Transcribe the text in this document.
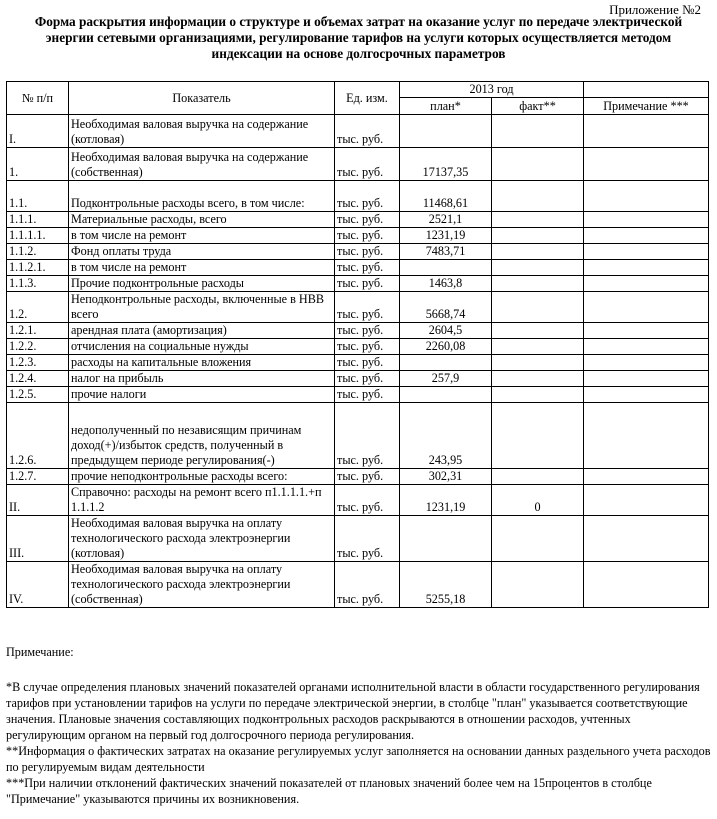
Приложение №2
Форма раскрытия информации о структуре и объемах затрат на оказание услуг по передаче электрической
энергии сетевыми организациями, регулирование тарифов на услуги которых осуществляется методом
индексации на основе долгосрочных параметров
№ п/п	Показатель	Ед. изм.	2013 год		
			план*	факт**	Примечание ***
I.	Необходимая валовая выручка на содержание (котловая)	тыс. руб.			
1.	Необходимая валовая выручка на содержание (собственная)	тыс. руб.	17137,35		
1.1.	Подконтрольные расходы всего, в том числе:	тыс. руб.	11468,61		
1.1.1.	Материальные расходы, всего	тыс. руб.	2521,1		
1.1.1.1.	в том числе на ремонт	тыс. руб.	1231,19		
1.1.2.	Фонд оплаты труда	тыс. руб.	7483,71		
1.1.2.1.	в том числе на ремонт	тыс. руб.			
1.1.3.	Прочие подконтрольные расходы	тыс. руб.	1463,8		
1.2.	Неподконтрольные расходы, включенные в НВВ всего	тыс. руб.	5668,74		
1.2.1.	арендная плата (амортизация)	тыс. руб.	2604,5		
1.2.2.	отчисления на социальные нужды	тыс. руб.	2260,08		
1.2.3.	расходы на капитальные вложения	тыс. руб.			
1.2.4.	налог на прибыль	тыс. руб.	257,9		
1.2.5.	прочие налоги	тыс. руб.			
1.2.6.	недополученный по независящим причинам доход(+)/избыток средств, полученный в предыдущем периоде регулирования(-)	тыс. руб.	243,95		
1.2.7.	прочие неподконтрольные расходы всего:	тыс. руб.	302,31		
II.	Справочно: расходы на ремонт всего п1.1.1.1.+п 1.1.1.2	тыс. руб.	1231,19	0	
III.	Необходимая валовая выручка на оплату технологического расхода электроэнергии (котловая)	тыс. руб.			
IV.	Необходимая валовая выручка на оплату технологического расхода электроэнергии (собственная)	тыс. руб.	5255,18		

Примечание:

*В случае определения плановых значений показателей органами исполнительной власти в области государственного регулирования тарифов при установлении тарифов на услуги по передаче электрической энергии, в столбце "план" указывается соответствующие значения. Плановые значения составляющих подконтрольных расходов раскрываются в отношении расходов, учтенных регулирующим органом на первый год долгосрочного периода регулирования.

**Информация о фактических затратах на оказание регулируемых услуг заполняется на основании данных раздельного учета расходов по регулируемым видам деятельности

***При наличии отклонений фактических значений показателей от плановых значений более чем на 15процентов в столбце "Примечание" указываются причины их возникновения.
